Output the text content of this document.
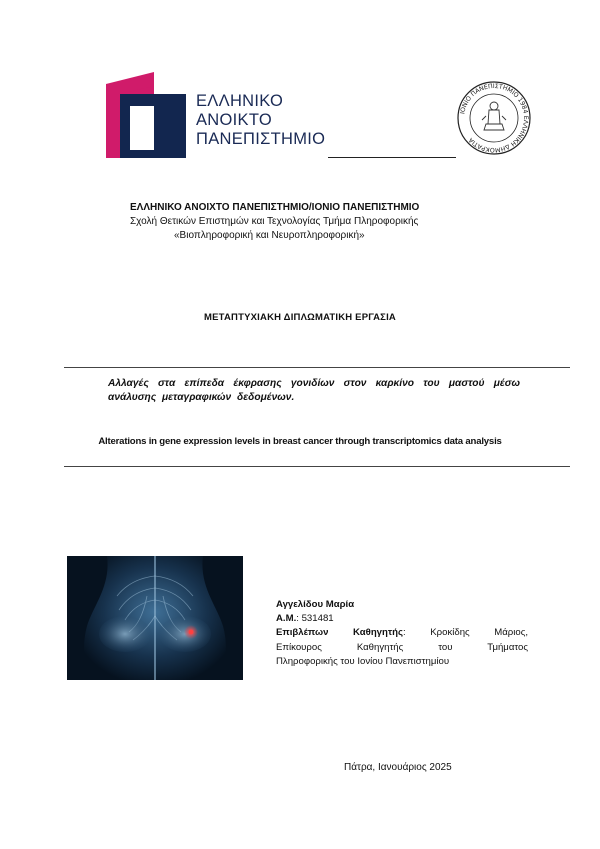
ΕΛΛΗΝΙΚΟ
ΑΝΟΙΚΤΟ
ΠΑΝΕΠΙΣΤΗΜΙΟ
ΙΟΝΙΟ ΠΑΝΕΠΙΣΤΗΜΙΟ 1984 ΕΛΛΗΝΙΚΗ ΔΗΜΟΚΡΑΤΙΑ
ΕΛΛΗΝΙΚΟ ΑΝΟΙΧΤΟ ΠΑΝΕΠΙΣΤΗΜΙΟ/ΙΟΝΙΟ ΠΑΝΕΠΙΣΤΗΜΙΟ
Σχολή Θετικών Επιστημών και Τεχνολογίας Τμήμα Πληροφορικής
«Βιοπληροφορική και Νευροπληροφορική»
ΜΕΤΑΠΤΥΧΙΑΚΗ ΔΙΠΛΩΜΑΤΙΚΗ ΕΡΓΑΣΙΑ
Αλλαγές στα επίπεδα έκφρασης γονιδίων στον καρκίνο του μαστού μέσω ανάλυσης μεταγραφικών δεδομένων.
Alterations in gene expression levels in breast cancer through transcriptomics data analysis
Αγγελίδου Μαρία
Α.Μ.: 531481
Επιβλέπων Καθηγητής: Κροκίδης Μάριος,
Επίκουρος Καθηγητής του Τμήματος
Πληροφορικής του Ιονίου Πανεπιστημίου
Πάτρα, Ιανουάριος 2025
